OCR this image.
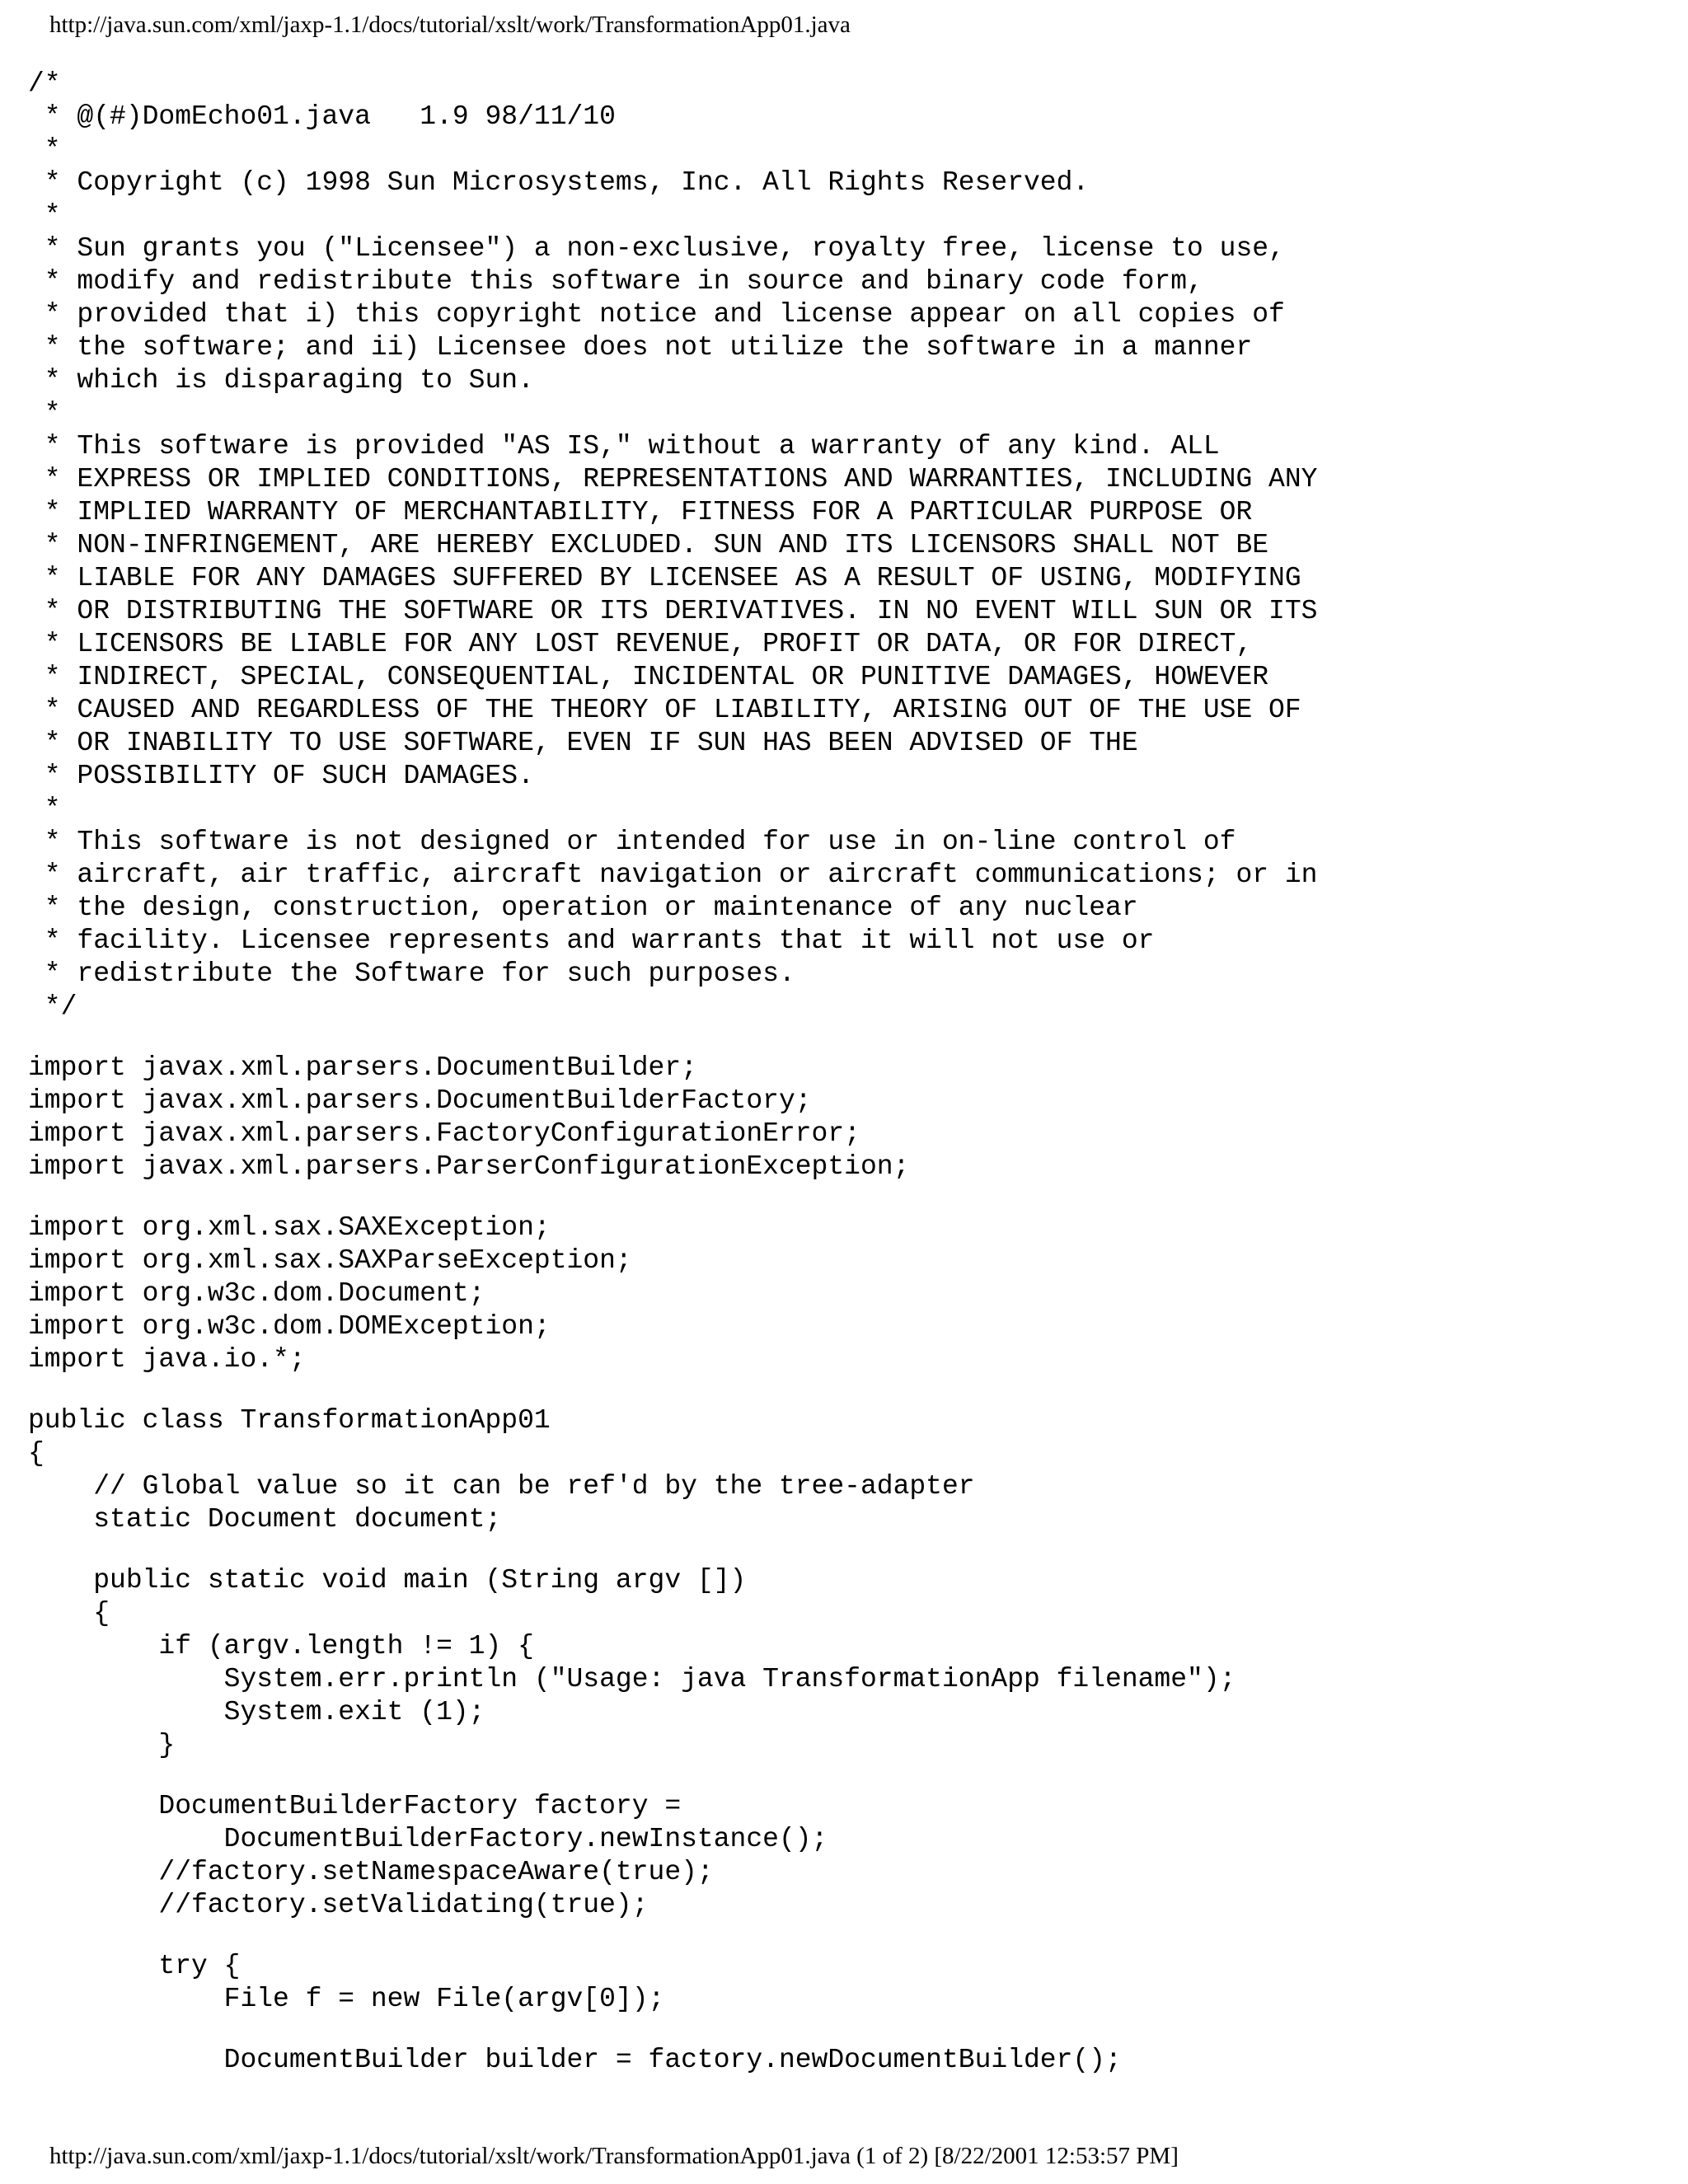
http://java.sun.com/xml/jaxp-1.1/docs/tutorial/xslt/work/TransformationApp01.java
/*
* @(#)DomEcho01.java   1.9 98/11/10
*
* Copyright (c) 1998 Sun Microsystems, Inc. All Rights Reserved.
*
* Sun grants you ("Licensee") a non-exclusive, royalty free, license to use,
* modify and redistribute this software in source and binary code form,
* provided that i) this copyright notice and license appear on all copies of
* the software; and ii) Licensee does not utilize the software in a manner
* which is disparaging to Sun.
*
* This software is provided "AS IS," without a warranty of any kind. ALL
* EXPRESS OR IMPLIED CONDITIONS, REPRESENTATIONS AND WARRANTIES, INCLUDING ANY
* IMPLIED WARRANTY OF MERCHANTABILITY, FITNESS FOR A PARTICULAR PURPOSE OR
* NON-INFRINGEMENT, ARE HEREBY EXCLUDED. SUN AND ITS LICENSORS SHALL NOT BE
* LIABLE FOR ANY DAMAGES SUFFERED BY LICENSEE AS A RESULT OF USING, MODIFYING
* OR DISTRIBUTING THE SOFTWARE OR ITS DERIVATIVES. IN NO EVENT WILL SUN OR ITS
* LICENSORS BE LIABLE FOR ANY LOST REVENUE, PROFIT OR DATA, OR FOR DIRECT,
* INDIRECT, SPECIAL, CONSEQUENTIAL, INCIDENTAL OR PUNITIVE DAMAGES, HOWEVER
* CAUSED AND REGARDLESS OF THE THEORY OF LIABILITY, ARISING OUT OF THE USE OF
* OR INABILITY TO USE SOFTWARE, EVEN IF SUN HAS BEEN ADVISED OF THE
* POSSIBILITY OF SUCH DAMAGES.
*
* This software is not designed or intended for use in on-line control of
* aircraft, air traffic, aircraft navigation or aircraft communications; or in
* the design, construction, operation or maintenance of any nuclear
* facility. Licensee represents and warrants that it will not use or
* redistribute the Software for such purposes.
*/
import javax.xml.parsers.DocumentBuilder;
import javax.xml.parsers.DocumentBuilderFactory;
import javax.xml.parsers.FactoryConfigurationError;
import javax.xml.parsers.ParserConfigurationException;
import org.xml.sax.SAXException;
import org.xml.sax.SAXParseException;
import org.w3c.dom.Document;
import org.w3c.dom.DOMException;
import java.io.*;
public class TransformationApp01
{
// Global value so it can be ref'd by the tree-adapter
static Document document;
public static void main (String argv [])
{
if (argv.length != 1) {
System.err.println ("Usage: java TransformationApp filename");
System.exit (1);
}
DocumentBuilderFactory factory =
DocumentBuilderFactory.newInstance();
//factory.setNamespaceAware(true);
//factory.setValidating(true);
try {
File f = new File(argv[0]);
DocumentBuilder builder = factory.newDocumentBuilder();
http://java.sun.com/xml/jaxp-1.1/docs/tutorial/xslt/work/TransformationApp01.java (1 of 2) [8/22/2001 12:53:57 PM]
